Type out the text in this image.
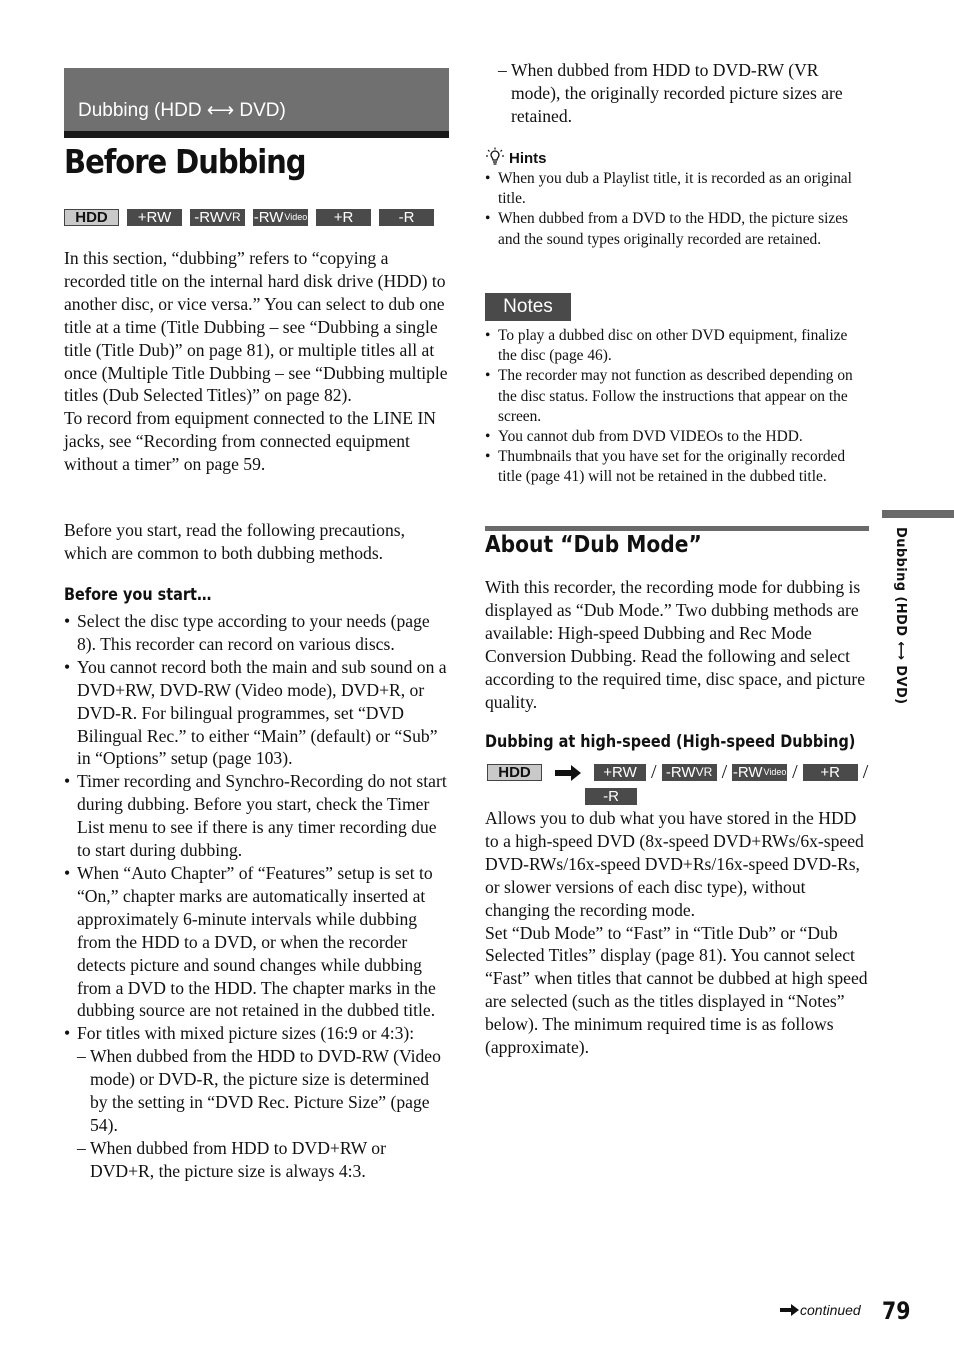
Dubbing (HDD ⟷ DVD)
Before Dubbing
HDD +RW -RW VR -RW Video +R	-R

In this section, “dubbing” refers to “copying a recorded title on the internal hard disk drive (HDD) to another disc, or vice versa.” You can select to dub one title at a time (Title Dubbing – see “Dubbing a single title (Title Dub)” on page 81), or multiple titles all at once (Multiple Title Dubbing – see “Dubbing multiple titles (Dub Selected Titles)” on page 82).

To record from equipment connected to the LINE IN jacks, see “Recording from connected equipment without a timer” on page 59.

Before you start, read the following precautions, which are common to both dubbing methods.
Before you start…
• Select the disc type according to your needs (page 8). This recorder can record on various discs.
• You cannot record both the main and sub sound on a DVD+RW, DVD-RW (Video mode), DVD+R, or DVD-R. For bilingual programmes, set “DVD Bilingual Rec.” to either “Main” (default) or “Sub” in “Options” setup (page 103).
• Timer recording and Synchro-Recording do not start during dubbing. Before you start, check the Timer List menu to see if there is any timer recording due to start during dubbing.
• When “Auto Chapter” of “Features” setup is set to “On,” chapter marks are automatically inserted at approximately 6-minute intervals while dubbing from the HDD to a DVD, or when the recorder detects picture and sound changes while dubbing from a DVD to the HDD. The chapter marks in the dubbing source are not retained in the dubbed title.
• For titles with mixed picture sizes (16:9 or 4:3):
– When dubbed from the HDD to DVD-RW (Video mode) or DVD-R, the picture size is determined by the setting in “DVD Rec. Picture Size” (page 54).
– When dubbed from HDD to DVD+RW or DVD+R, the picture size is always 4:3.
– When dubbed from HDD to DVD-RW (VR mode), the originally recorded picture sizes are retained.
Hints
• When you dub a Playlist title, it is recorded as an original title.
• When dubbed from a DVD to the HDD, the picture sizes and the sound types originally recorded are retained.
Notes
• To play a dubbed disc on other DVD equipment, finalize the disc (page 46).
• The recorder may not function as described depending on the disc status. Follow the instructions that appear on the screen.
• You cannot dub from DVD VIDEOs to the HDD.
• Thumbnails that you have set for the originally recorded title (page 41) will not be retained in the dubbed title.
About “Dub Mode”
With this recorder, the recording mode for dubbing is displayed as “Dub Mode.” Two dubbing methods are available: High-speed Dubbing and Rec Mode Conversion Dubbing. Read the following and select according to the required time, disc space, and picture quality.
Dubbing at high-speed (High-speed Dubbing)
HDD	+RW / -RW VR / -RW Video / +R /
-R

Allows you to dub what you have stored in the HDD to a high-speed DVD (8x-speed DVD+RWs/6x-speed DVD-RWs/16x-speed DVD+Rs/16x-speed DVD-Rs, or slower versions of each disc type), without changing the recording mode.

Set “Dub Mode” to “Fast” in “Title Dub” or “Dub Selected Titles” display (page 81). You cannot select “Fast” when titles that cannot be dubbed at high speed are selected (such as the titles displayed in “Notes” below). The minimum required time is as follows (approximate).

Dubbing (HDD ⟷ DVD)
continued 79
